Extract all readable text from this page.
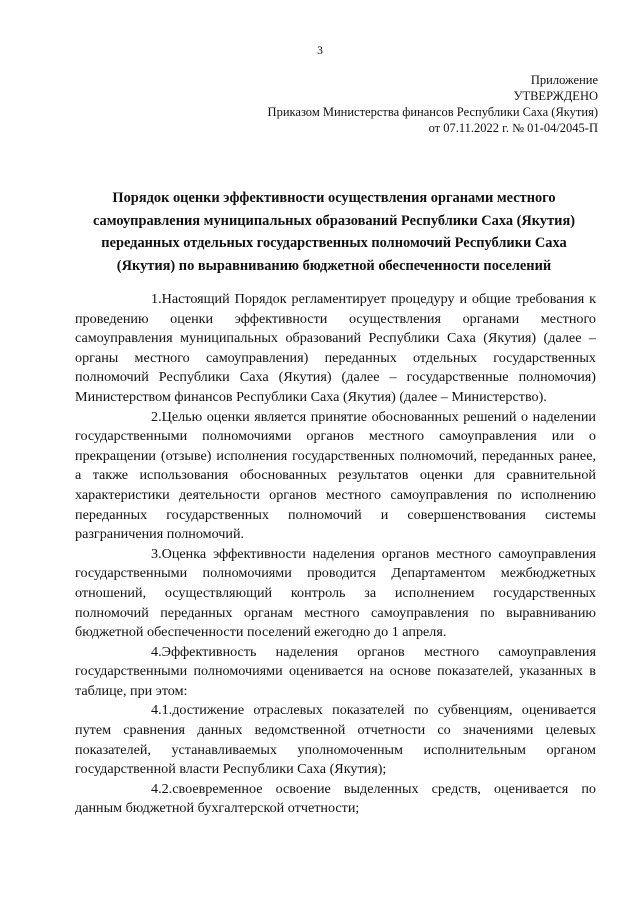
3
Приложение
УТВЕРЖДЕНО
Приказом Министерства финансов Республики Саха (Якутия)
от 07.11.2022 г. № 01-04/2045-П
Порядок оценки эффективности осуществления органами местного самоуправления муниципальных образований Республики Саха (Якутия) переданных отдельных государственных полномочий Республики Саха (Якутия) по выравниванию бюджетной обеспеченности поселений

1.Настоящий Порядок регламентирует процедуру и общие требования к проведению оценки эффективности осуществления органами местного самоуправления муниципальных образований Республики Саха (Якутия) (далее – органы местного самоуправления) переданных отдельных государственных полномочий Республики Саха (Якутия) (далее – государственные полномочия) Министерством финансов Республики Саха (Якутия) (далее – Министерство).

2.Целью оценки является принятие обоснованных решений о наделении государственными полномочиями органов местного самоуправления или о прекращении (отзыве) исполнения государственных полномочий, переданных ранее, а также использования обоснованных результатов оценки для сравнительной характеристики деятельности органов местного самоуправления по исполнению переданных государственных полномочий и совершенствования системы разграничения полномочий.

3.Оценка эффективности наделения органов местного самоуправления государственными полномочиями проводится Департаментом межбюджетных отношений, осуществляющий контроль за исполнением государственных полномочий переданных органам местного самоуправления по выравниванию бюджетной обеспеченности поселений ежегодно до 1 апреля.

4.Эффективность наделения органов местного самоуправления государственными полномочиями оценивается на основе показателей, указанных в таблице, при этом:

4.1.достижение отраслевых показателей по субвенциям, оценивается путем сравнения данных ведомственной отчетности со значениями целевых показателей, устанавливаемых уполномоченным исполнительным органом государственной власти Республики Саха (Якутия);

4.2.своевременное освоение выделенных средств, оценивается по данным бюджетной бухгалтерской отчетности;
